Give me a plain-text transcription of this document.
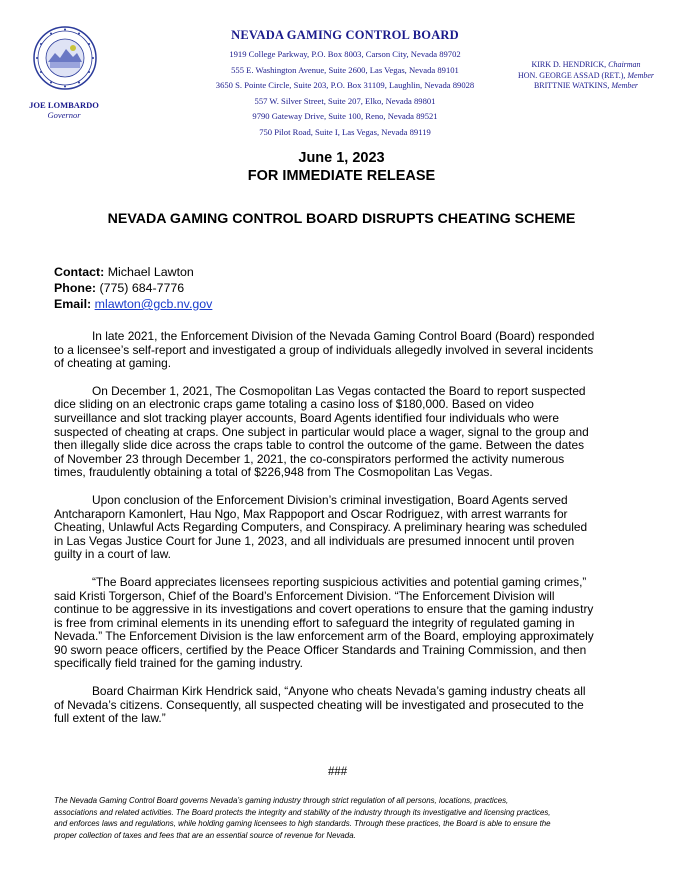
JOE LOMBARDO
Governor
NEVADA GAMING CONTROL BOARD
1919 College Parkway, P.O. Box 8003, Carson City, Nevada 89702
555 E. Washington Avenue, Suite 2600, Las Vegas, Nevada 89101
3650 S. Pointe Circle, Suite 203, P.O. Box 31109, Laughlin, Nevada 89028
557 W. Silver Street, Suite 207, Elko, Nevada 89801
9790 Gateway Drive, Suite 100, Reno, Nevada 89521
750 Pilot Road, Suite I, Las Vegas, Nevada 89119
KIRK D. HENDRICK, Chairman
HON. GEORGE ASSAD (RET.), Member
BRITTNIE WATKINS, Member
June 1, 2023
FOR IMMEDIATE RELEASE
NEVADA GAMING CONTROL BOARD DISRUPTS CHEATING SCHEME
Contact: Michael Lawton
Phone: (775) 684-7776
Email: mlawton@gcb.nv.gov
In late 2021, the Enforcement Division of the Nevada Gaming Control Board (Board) responded
to a licensee’s self-report and investigated a group of individuals allegedly involved in several incidents
of cheating at gaming.
On December 1, 2021, The Cosmopolitan Las Vegas contacted the Board to report suspected
dice sliding on an electronic craps game totaling a casino loss of $180,000. Based on video
surveillance and slot tracking player accounts, Board Agents identified four individuals who were
suspected of cheating at craps. One subject in particular would place a wager, signal to the group and
then illegally slide dice across the craps table to control the outcome of the game. Between the dates
of November 23 through December 1, 2021, the co-conspirators performed the activity numerous
times, fraudulently obtaining a total of $226,948 from The Cosmopolitan Las Vegas.
Upon conclusion of the Enforcement Division’s criminal investigation, Board Agents served
Antcharaporn Kamonlert, Hau Ngo, Max Rappoport and Oscar Rodriguez, with arrest warrants for
Cheating, Unlawful Acts Regarding Computers, and Conspiracy. A preliminary hearing was scheduled
in Las Vegas Justice Court for June 1, 2023, and all individuals are presumed innocent until proven
guilty in a court of law.
“The Board appreciates licensees reporting suspicious activities and potential gaming crimes,”
said Kristi Torgerson, Chief of the Board’s Enforcement Division. “The Enforcement Division will
continue to be aggressive in its investigations and covert operations to ensure that the gaming industry
is free from criminal elements in its unending effort to safeguard the integrity of regulated gaming in
Nevada.” The Enforcement Division is the law enforcement arm of the Board, employing approximately
90 sworn peace officers, certified by the Peace Officer Standards and Training Commission, and then
specifically field trained for the gaming industry.
Board Chairman Kirk Hendrick said, “Anyone who cheats Nevada’s gaming industry cheats all
of Nevada’s citizens. Consequently, all suspected cheating will be investigated and prosecuted to the
full extent of the law.”
###
The Nevada Gaming Control Board governs Nevada’s gaming industry through strict regulation of all persons, locations, practices,
associations and related activities. The Board protects the integrity and stability of the industry through its investigative and licensing practices,
and enforces laws and regulations, while holding gaming licensees to high standards. Through these practices, the Board is able to ensure the
proper collection of taxes and fees that are an essential source of revenue for Nevada.
